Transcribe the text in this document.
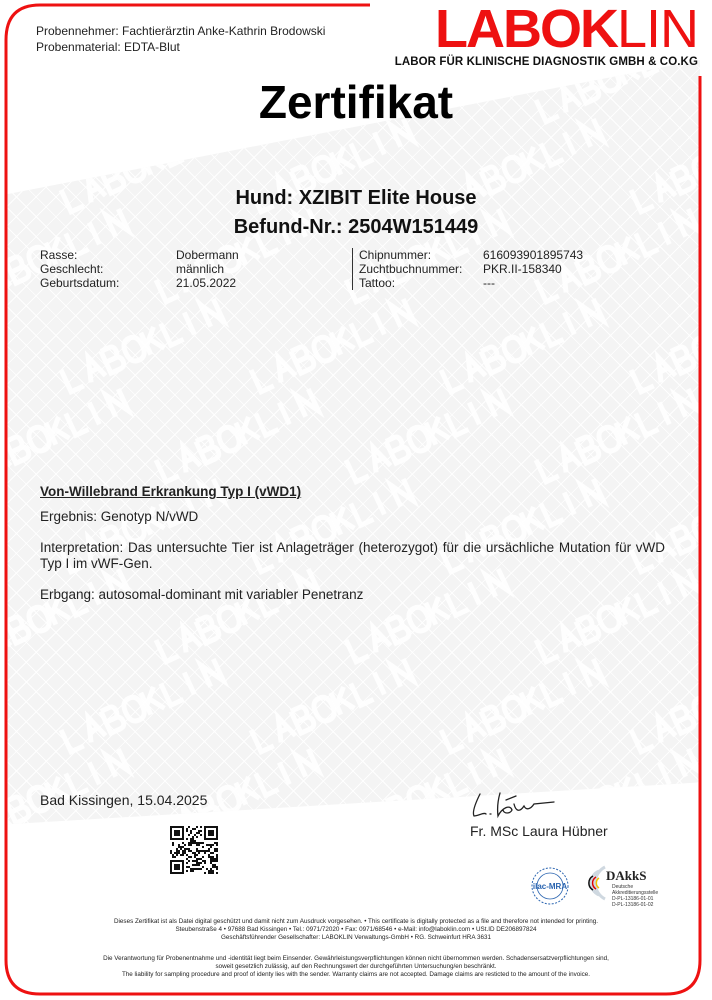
Probennehmer: Fachtierärztin Anke-Kathrin Brodowski
Probenmaterial: EDTA-Blut	LABOKLIN
LABOR FÜR KLINISCHE DIAGNOSTIK GMBH & CO.KG
Zertifikat
Hund: XZIBIT Elite House
Befund-Nr.: 2504W151449
Rasse:	Dobermann
Geschlecht:	männlich
Geburtsdatum:	21.05.2022
Chipnummer:	616093901895743
Zuchtbuchnummer:	PKR.II-158340
Tattoo:	---
Von-Willebrand Erkrankung Typ I (vWD1)

Ergebnis: Genotyp N/vWD

Interpretation: Das untersuchte Tier ist Anlageträger (heterozygot) für die ursächliche Mutation für vWD Typ I im vWF-Gen.

Erbgang: autosomal-dominant mit variabler Penetranz

Bad Kissingen, 15.04.2025
Fr. MSc Laura Hübner
ilac-MRA
DAkkS
Deutsche
Akkreditierungsstelle
D-PL-13186-01-01
D-PL-13186-01-02
Dieses Zertifikat ist als Datei digital geschützt und damit nicht zum Ausdruck vorgesehen. • This certificate is digitally protected as a file and therefore not intended for printing.
Steubenstraße 4 • 97688 Bad Kissingen • Tel.: 0971/72020 • Fax: 0971/68546 • e-Mail: info@laboklin.com • USt.ID DE206897824
Geschäftsführender Gesellschafter: LABOKLIN Verwaltungs-GmbH • RG. Schweinfurt HRA 3631
Die Verantwortung für Probenentnahme und -identität liegt beim Einsender. Gewährleistungsverpflichtungen können nicht übernommen werden. Schadensersatzverpflichtungen sind,
soweit gesetzlich zulässig, auf den Rechnungswert der durchgeführten Untersuchung/en beschränkt.
The liability for sampling procedure and proof of identy lies with the sender. Warranty claims are not accepted. Damage claims are resticted to the amount of the invoice.
